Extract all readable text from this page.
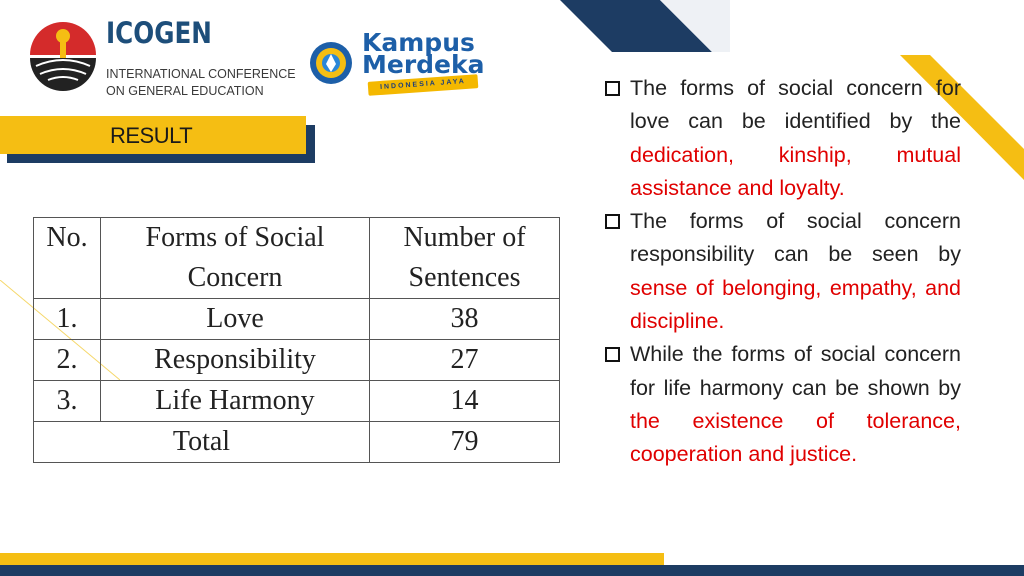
ICOGEN
INTERNATIONAL CONFERENCE
ON GENERAL EDUCATION
Kampus
Merdeka
INDONESIA JAYA
RESULT
No.	Forms of Social Concern	Number of Sentences
1.	Love	38
2.	Responsibility	27
3.	Life Harmony	14
Total		79
The forms of social concern for love can be identified by the dedication, kinship, mutual assistance and loyalty.
The forms of social concern responsibility can be seen by sense of belonging, empathy, and discipline.
While the forms of social concern for life harmony can be shown by the existence of tolerance, cooperation and justice.
